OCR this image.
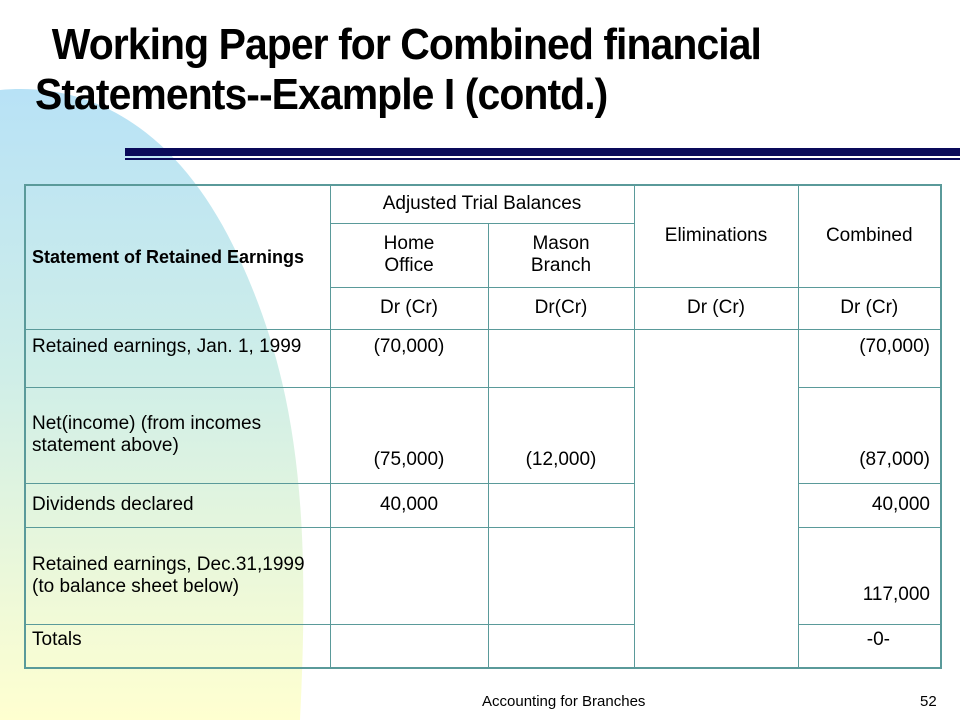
Working Paper for Combined financial
Statements--Example I (contd.)
Statement of Retained Earnings	Adjusted Trial Balances		Eliminations	Combined
	Home Office	Mason Branch		
	Dr (Cr)	Dr(Cr)	Dr (Cr)	Dr (Cr)
Retained earnings, Jan. 1, 1999	(70,000)			(70,000)
Net(income) (from incomes statement above)	(75,000)	(12,000)		(87,000)
Dividends declared	40,000			40,000
Retained earnings, Dec.31,1999 (to balance sheet below)				117,000
Totals				-0-
Accounting for Branches	52
